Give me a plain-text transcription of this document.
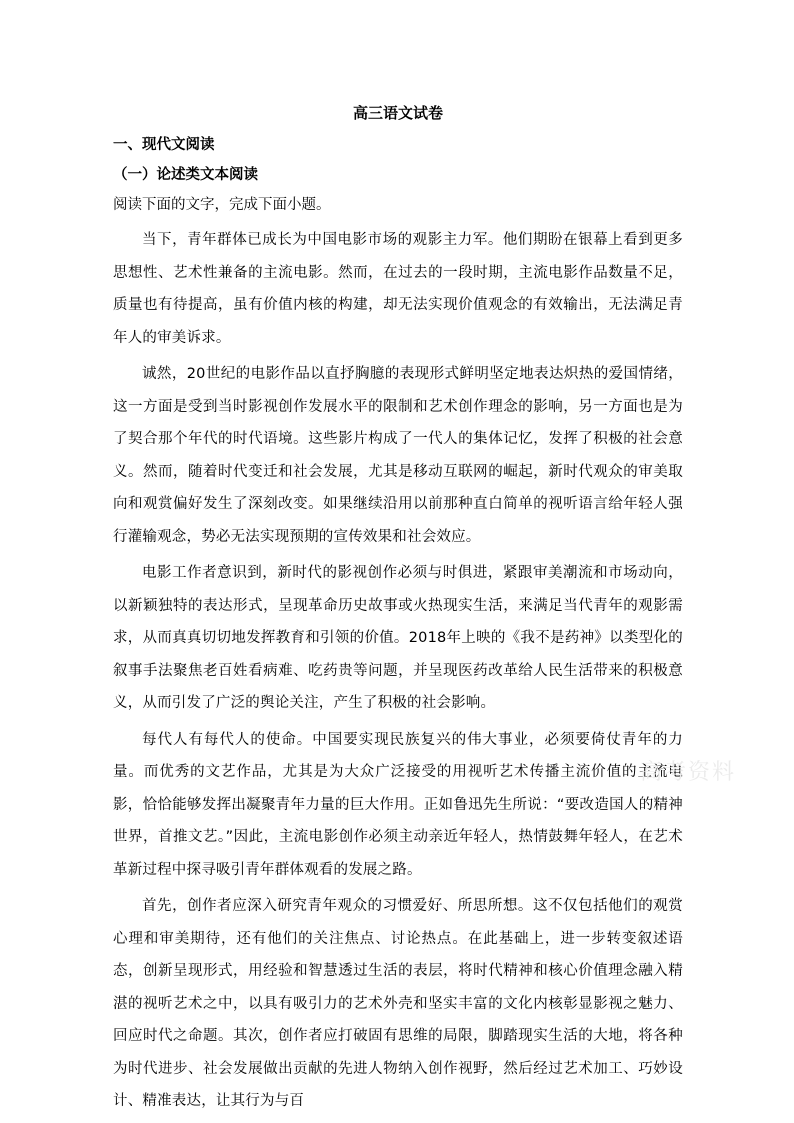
高三语文试卷
一、现代文阅读
（一）论述类文本阅读
阅读下面的文字，完成下面小题。

当下，青年群体已成长为中国电影市场的观影主力军。他们期盼在银幕上看到更多思想性、艺术性兼备的主流电影。然而，在过去的一段时期，主流电影作品数量不足，质量也有待提高，虽有价值内核的构建，却无法实现价值观念的有效输出，无法满足青年人的审美诉求。

诚然，20世纪的电影作品以直抒胸臆的表现形式鲜明坚定地表达炽热的爱国情绪，这一方面是受到当时影视创作发展水平的限制和艺术创作理念的影响，另一方面也是为了契合那个年代的时代语境。这些影片构成了一代人的集体记忆，发挥了积极的社会意义。然而，随着时代变迁和社会发展，尤其是移动互联网的崛起，新时代观众的审美取向和观赏偏好发生了深刻改变。如果继续沿用以前那种直白简单的视听语言给年轻人强行灌输观念，势必无法实现预期的宣传效果和社会效应。

电影工作者意识到，新时代的影视创作必须与时俱进，紧跟审美潮流和市场动向，以新颖独特的表达形式，呈现革命历史故事或火热现实生活，来满足当代青年的观影需求，从而真真切切地发挥教育和引领的价值。2018年上映的《我不是药神》以类型化的叙事手法聚焦老百姓看病难、吃药贵等问题，并呈现医药改革给人民生活带来的积极意义，从而引发了广泛的舆论关注，产生了积极的社会影响。

每代人有每代人的使命。中国要实现民族复兴的伟大事业，必须要倚仗青年的力量。而优秀的文艺作品，尤其是为大众广泛接受的用视听艺术传播主流价值的主流电影，恰恰能够发挥出凝聚青年力量的巨大作用。正如鲁迅先生所说：“要改造国人的精神世界，首推文艺。”因此，主流电影创作必须主动亲近年轻人，热情鼓舞年轻人，在艺术革新过程中探寻吸引青年群体观看的发展之路。

首先，创作者应深入研究青年观众的习惯爱好、所思所想。这不仅包括他们的观赏心理和审美期待，还有他们的关注焦点、讨论热点。在此基础上，进一步转变叙述语态，创新呈现形式，用经验和智慧透过生活的表层，将时代精神和核心价值理念融入精湛的视听艺术之中，以具有吸引力的艺术外壳和坚实丰富的文化内核彰显影视之魅力、回应时代之命题。其次，创作者应打破固有思维的局限，脚踏现实生活的大地，将各种为时代进步、社会发展做出贡献的先进人物纳入创作视野，然后经过艺术加工、巧妙设计、精准表达，让其行为与百

高考资料
